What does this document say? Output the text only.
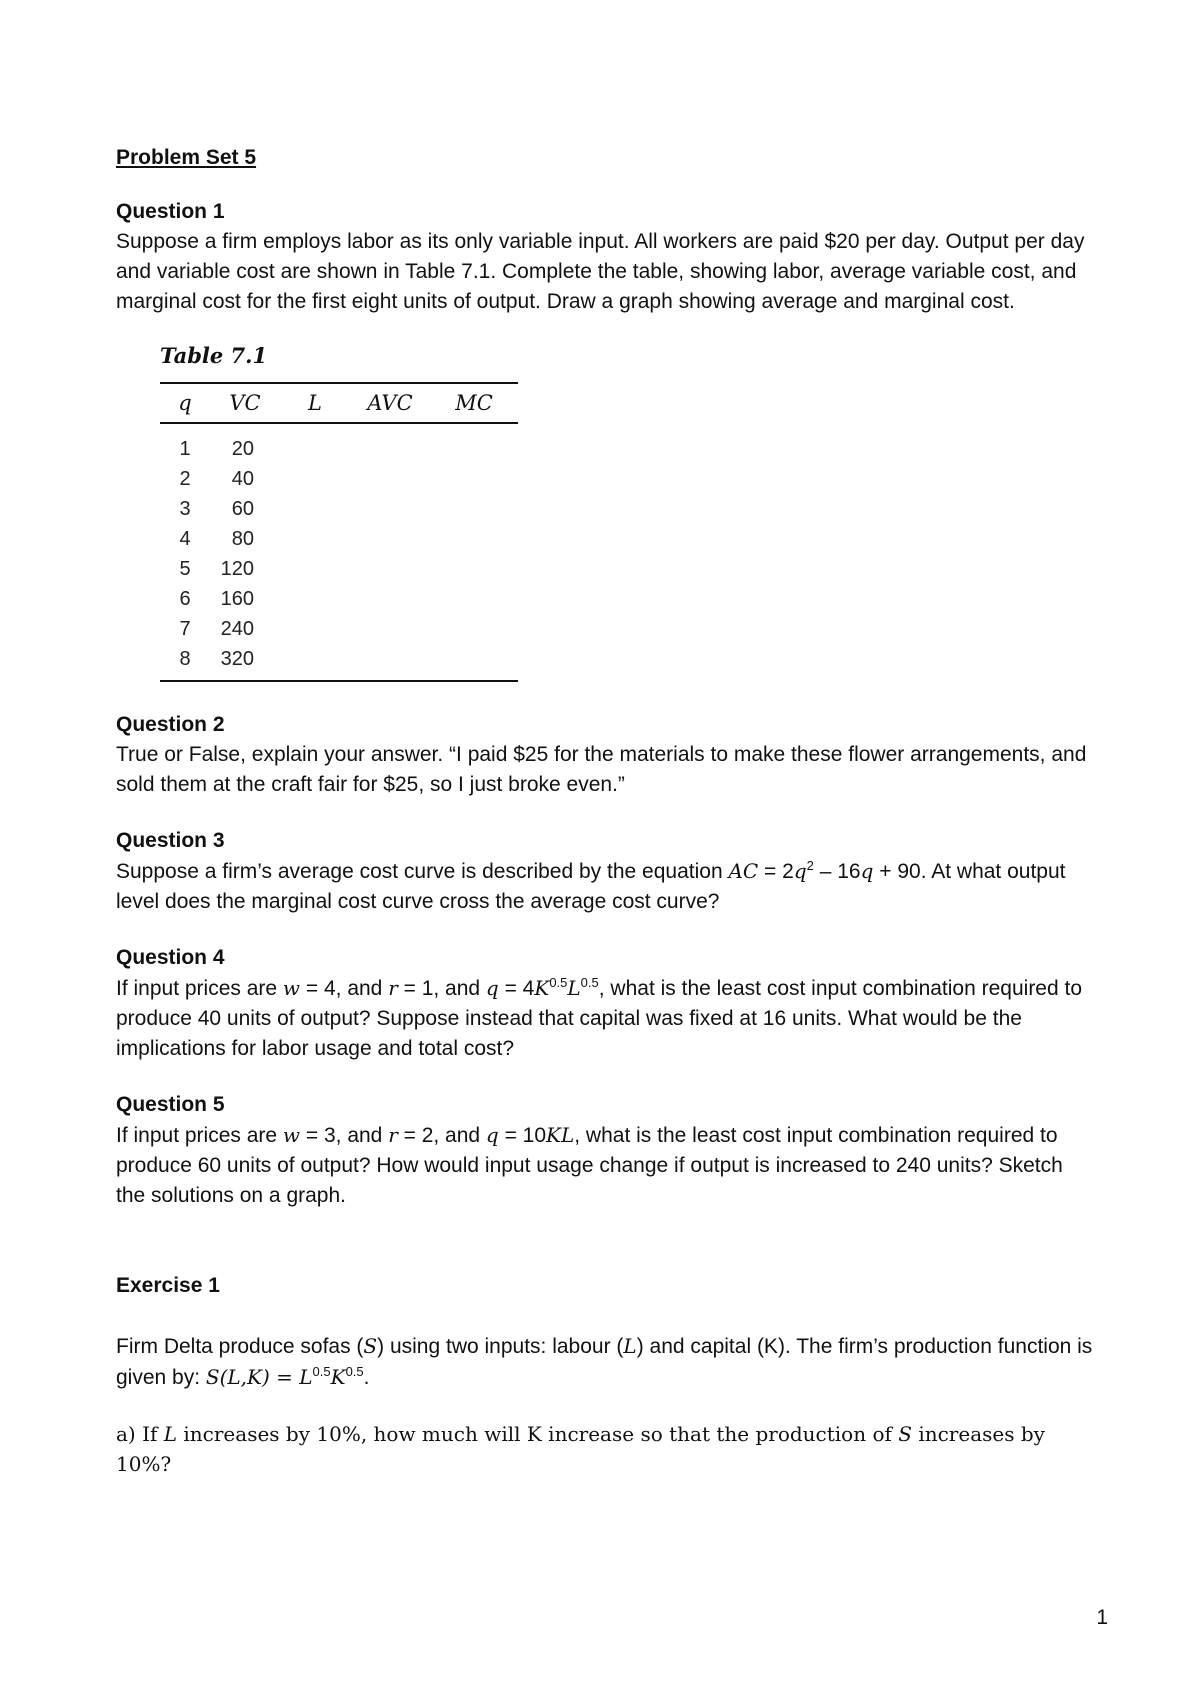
Problem Set 5
Question 1
Suppose a firm employs labor as its only variable input. All workers are paid $20 per day. Output per day and variable cost are shown in Table 7.1. Complete the table, showing labor, average variable cost, and marginal cost for the first eight units of output. Draw a graph showing average and marginal cost.
Table 7.1
q	VC	L	AVC	MC
1	20			
2	40			
3	60			
4	80			
5	120			
6	160			
7	240			
8	320			
Question 2
True or False, explain your answer. “I paid $25 for the materials to make these flower arrangements, and sold them at the craft fair for $25, so I just broke even.”
Question 3
Suppose a firm’s average cost curve is described by the equation AC = $2q^2 - 16q + 90$. At what output level does the marginal cost curve cross the average cost curve?
Question 4
If input prices are w = 4, and r = 1, and $q = 4K^{0.5}L^{0.5}$, what is the least cost input combination required to produce 40 units of output? Suppose instead that capital was fixed at 16 units. What would be the implications for labor usage and total cost?
Question 5
If input prices are w = 3, and r = 2, and q = 10KL, what is the least cost input combination required to produce 60 units of output? How would input usage change if output is increased to 240 units? Sketch the solutions on a graph.
Exercise 1
Firm Delta produce sofas (S) using two inputs: labour (L) and capital (K). The firm’s production function is given by: $S(L,K) = L^{0.5}K^{0.5}$.
a) If L increases by 10%, how much will K increase so that the production of S increases by 10%?
1
